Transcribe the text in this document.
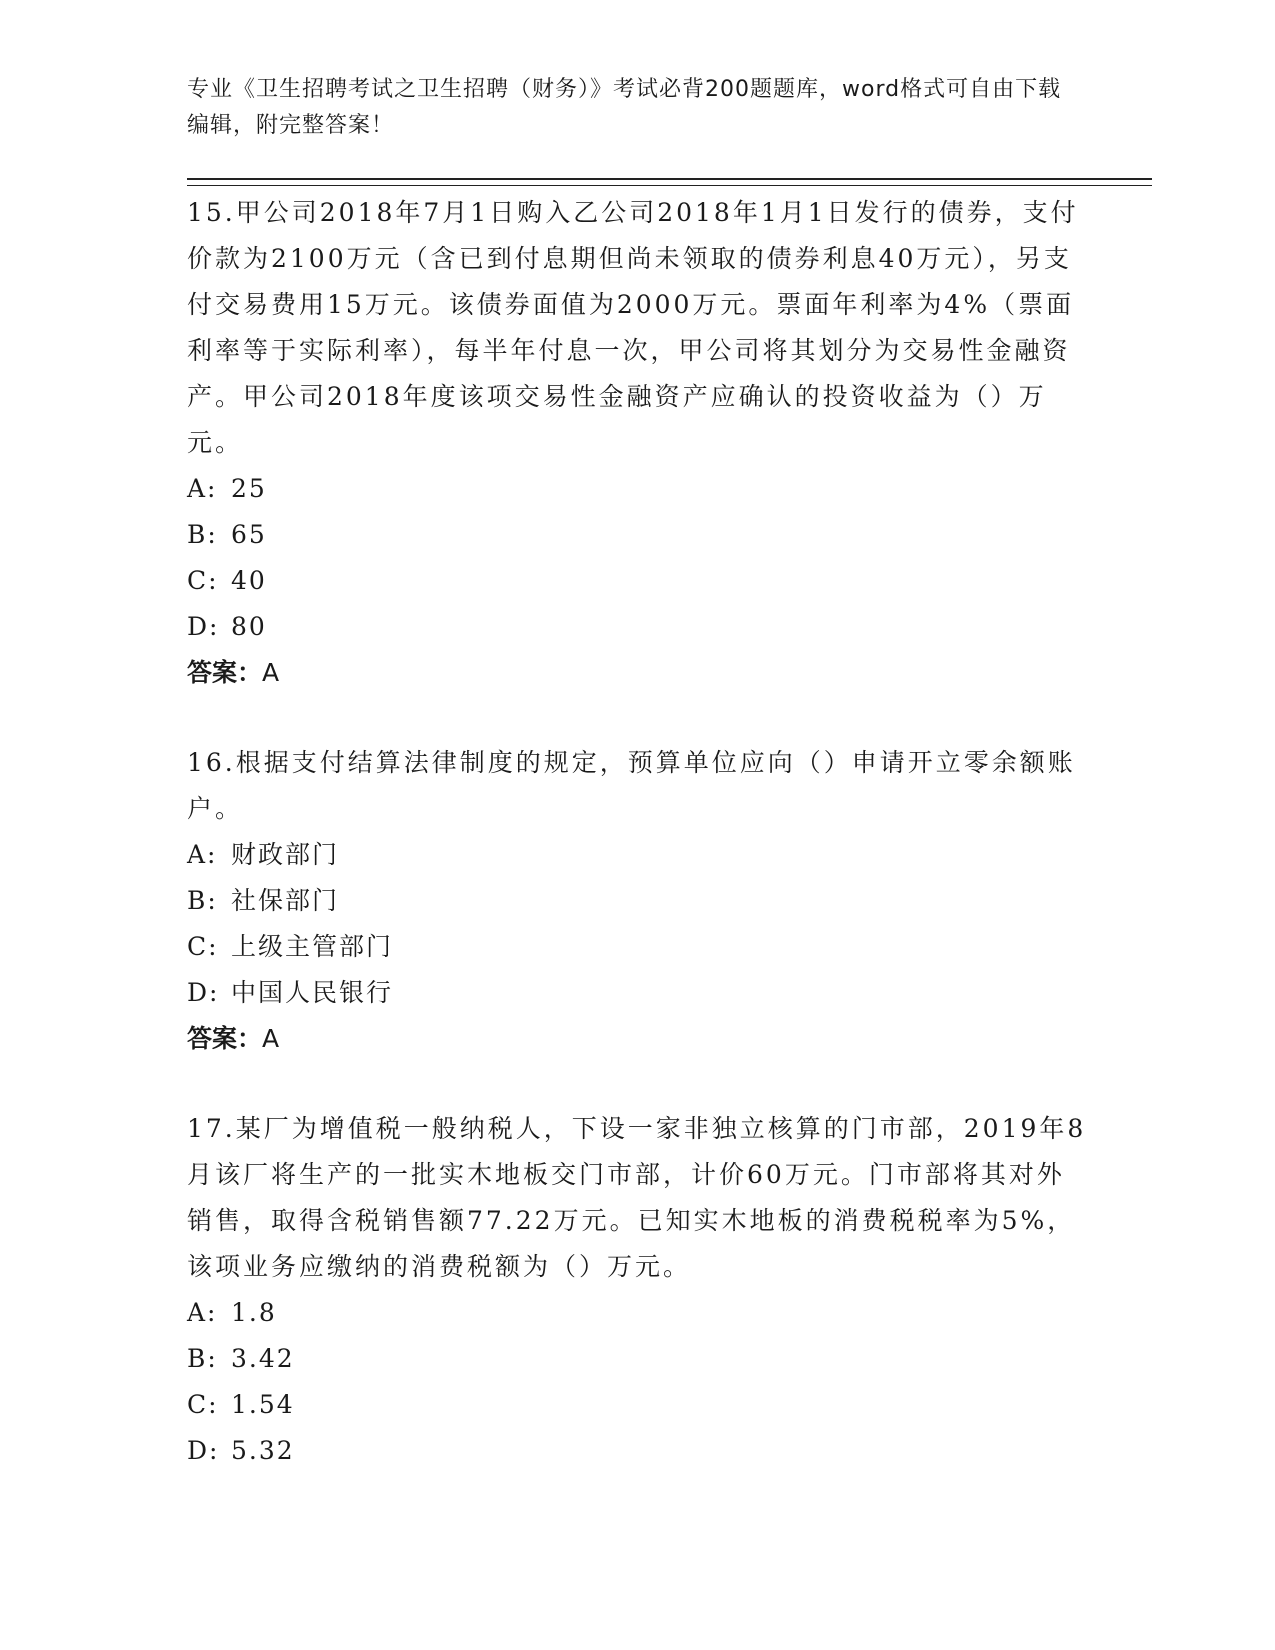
专业《卫生招聘考试之卫生招聘（财务）》考试必背200题题库，word格式可自由下载编辑，附完整答案！

15.甲公司2018年7月1日购入乙公司2018年1月1日发行的债券，支付价款为2100万元（含已到付息期但尚未领取的债券利息40万元），另支付交易费用15万元。该债券面值为2000万元。票面年利率为4%（票面利率等于实际利率），每半年付息一次，甲公司将其划分为交易性金融资产。甲公司2018年度该项交易性金融资产应确认的投资收益为（）万元。

A: 25

B: 65

C: 40

D: 80

答案：A

16.根据支付结算法律制度的规定，预算单位应向（）申请开立零余额账户。

A: 财政部门

B: 社保部门

C: 上级主管部门

D: 中国人民银行

答案：A

17.某厂为增值税一般纳税人，下设一家非独立核算的门市部，2019年8月该厂将生产的一批实木地板交门市部，计价60万元。门市部将其对外销售，取得含税销售额77.22万元。已知实木地板的消费税税率为5%，该项业务应缴纳的消费税额为（）万元。

A: 1.8

B: 3.42

C: 1.54

D: 5.32
